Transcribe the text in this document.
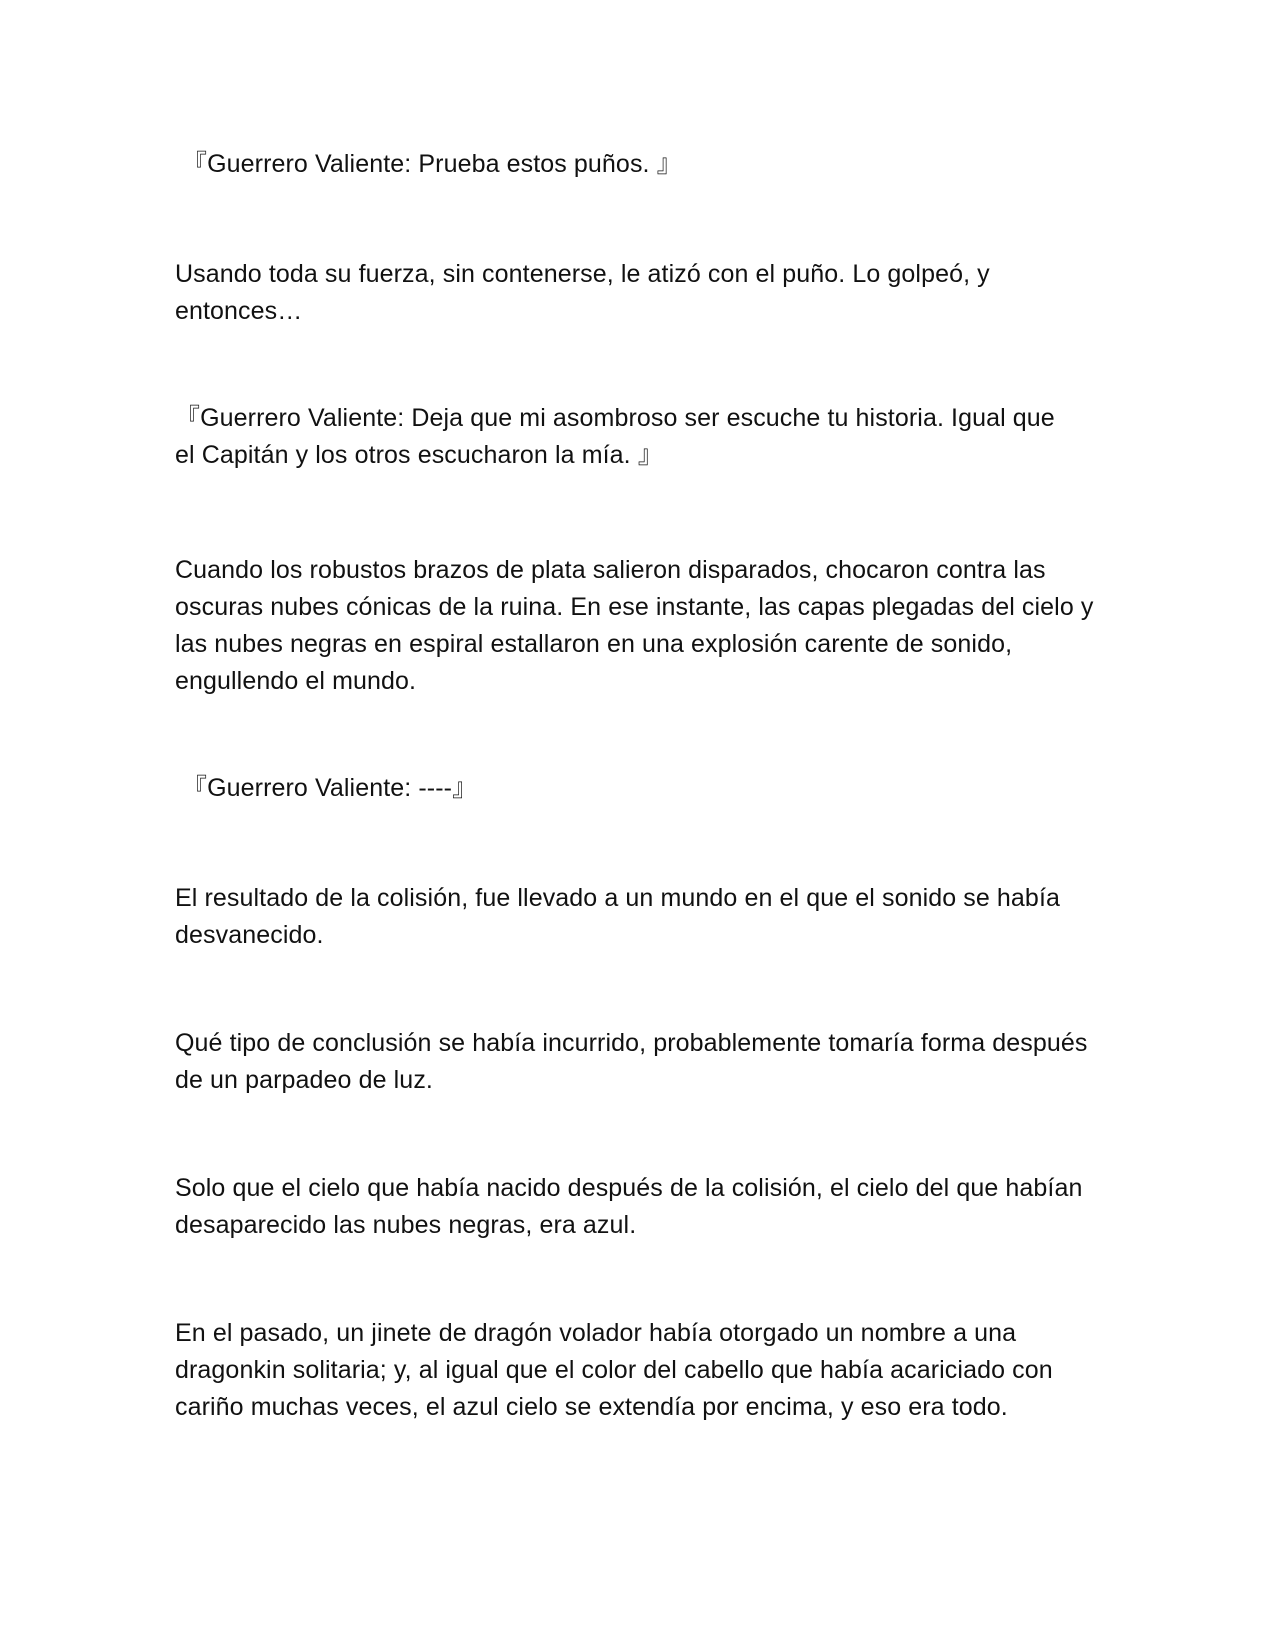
『Guerrero Valiente: Prueba estos puños. 』

Usando toda su fuerza, sin contenerse, le atizó con el puño. Lo golpeó, y entonces…

『Guerrero Valiente: Deja que mi asombroso ser escuche tu historia. Igual que el Capitán y los otros escucharon la mía. 』

Cuando los robustos brazos de plata salieron disparados, chocaron contra las oscuras nubes cónicas de la ruina. En ese instante, las capas plegadas del cielo y las nubes negras en espiral estallaron en una explosión carente de sonido, engullendo el mundo.

『Guerrero Valiente: ----』

El resultado de la colisión, fue llevado a un mundo en el que el sonido se había desvanecido.

Qué tipo de conclusión se había incurrido, probablemente tomaría forma después de un parpadeo de luz.

Solo que el cielo que había nacido después de la colisión, el cielo del que habían desaparecido las nubes negras, era azul.

En el pasado, un jinete de dragón volador había otorgado un nombre a una dragonkin solitaria; y, al igual que el color del cabello que había acariciado con cariño muchas veces, el azul cielo se extendía por encima, y eso era todo.
